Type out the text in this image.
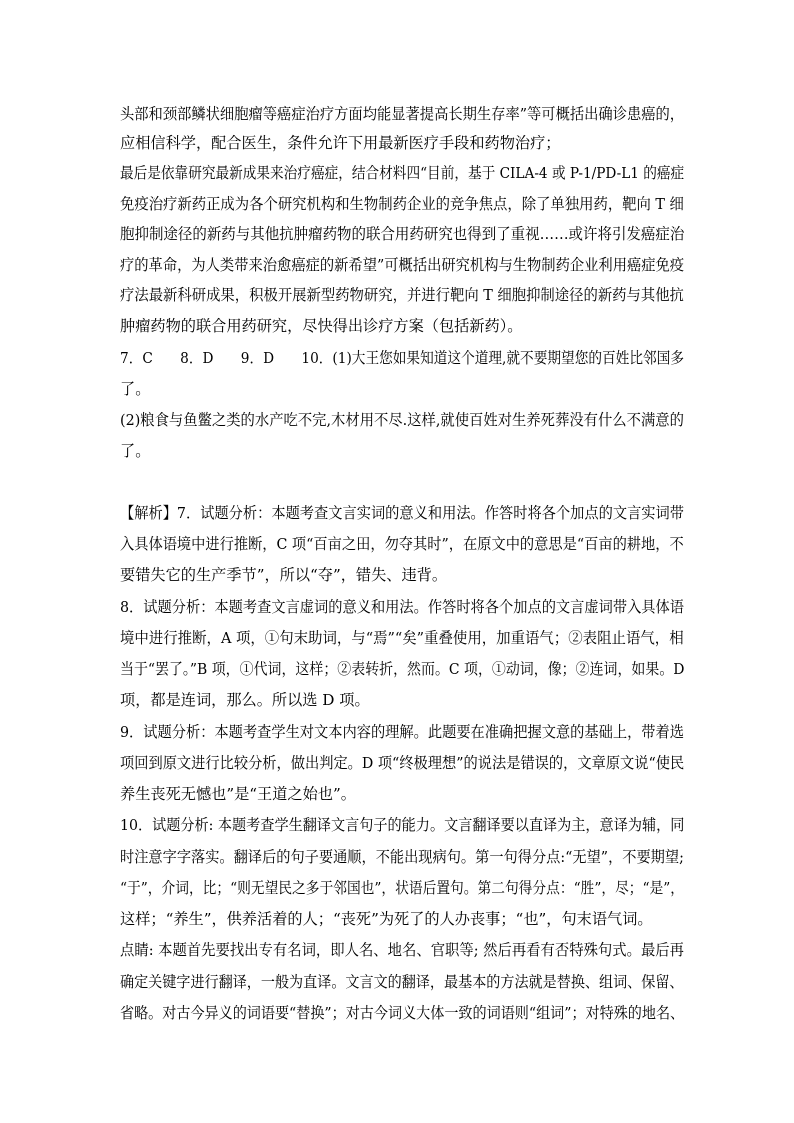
头部和颈部鳞状细胞瘤等癌症治疗方面均能显著提高长期生存率”等可概括出确诊患癌的，
应相信科学，配合医生，条件允许下用最新医疗手段和药物治疗；
最后是依靠研究最新成果来治疗癌症，结合材料四“目前，基于 CILA-4 或 P-1/PD-L1 的癌症
免疫治疗新药正成为各个研究机构和生物制药企业的竞争焦点，除了单独用药，靶向 T 细
胞抑制途径的新药与其他抗肿瘤药物的联合用药研究也得到了重视……或许将引发癌症治
疗的革命，为人类带来治愈癌症的新希望”可概括出研究机构与生物制药企业利用癌症免疫
疗法最新科研成果，积极开展新型药物研究，并进行靶向 T 细胞抑制途径的新药与其他抗
肿瘤药物的联合用药研究，尽快得出诊疗方案（包括新药）。
7．C　　8．D　　9．D　　10．(1)大王您如果知道这个道理,就不要期望您的百姓比邻国多
了。
(2)粮食与鱼鳖之类的水产吃不完,木材用不尽.这样,就使百姓对生养死葬没有什么不满意的
了。
【解析】7．试题分析：本题考查文言实词的意义和用法。作答时将各个加点的文言实词带
入具体语境中进行推断，C 项“百亩之田，勿夺其时”，在原文中的意思是“百亩的耕地，不
要错失它的生产季节”，所以“夺”，错失、违背。
8．试题分析：本题考查文言虚词的意义和用法。作答时将各个加点的文言虚词带入具体语
境中进行推断，A 项，①句末助词，与“焉”“矣”重叠使用，加重语气；②表阻止语气，相
当于“罢了。”B 项，①代词，这样；②表转折，然而。C 项，①动词，像；②连词，如果。D
项，都是连词，那么。所以选 D 项。
9．试题分析：本题考查学生对文本内容的理解。此题要在准确把握文意的基础上，带着选
项回到原文进行比较分析，做出判定。D 项“终极理想”的说法是错误的，文章原文说“使民
养生丧死无憾也”是“王道之始也”。
10．试题分析: 本题考查学生翻译文言句子的能力。文言翻译要以直译为主，意译为辅，同
时注意字字落实。翻译后的句子要通顺，不能出现病句。第一句得分点:“无望”，不要期望;
“于”，介词，比；“则无望民之多于邻国也”，状语后置句。第二句得分点：“胜”，尽；“是”，
这样；“养生”，供养活着的人；“丧死”为死了的人办丧事；“也”，句末语气词。
点睛: 本题首先要找出专有名词，即人名、地名、官职等; 然后再看有否特殊句式。最后再
确定关键字进行翻译，一般为直译。文言文的翻译，最基本的方法就是替换、组词、保留、
省略。对古今异义的词语要“替换”；对古今词义大体一致的词语则“组词”；对特殊的地名、
